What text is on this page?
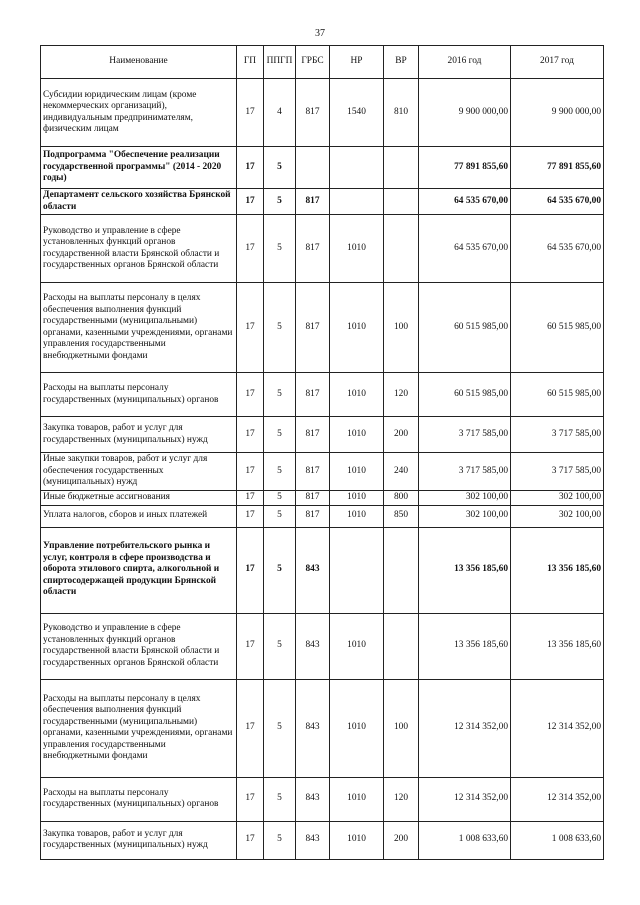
37
Наименование	ГП	ППГП	ГРБС	НР	ВР	2016 год	2017 год
Субсидии юридическим лицам (кроме некоммерческих организаций), индивидуальным предпринимателям, физическим лицам	17	4	817	1540	810	9 900 000,00	9 900 000,00
Подпрограмма "Обеспечение реализации государственной программы" (2014 - 2020 годы)	17	5				77 891 855,60	77 891 855,60
Департамент сельского хозяйства Брянской области	17	5	817			64 535 670,00	64 535 670,00
Руководство и управление в сфере установленных функций органов государственной власти Брянской области и государственных органов Брянской области	17	5	817	1010		64 535 670,00	64 535 670,00
Расходы на выплаты персоналу в целях обеспечения выполнения функций государственными (муниципальными) органами, казенными учреждениями, органами управления государственными внебюджетными фондами	17	5	817	1010	100	60 515 985,00	60 515 985,00
Расходы на выплаты персоналу государственных (муниципальных) органов	17	5	817	1010	120	60 515 985,00	60 515 985,00
Закупка товаров, работ и услуг для государственных (муниципальных) нужд	17	5	817	1010	200	3 717 585,00	3 717 585,00
Иные закупки товаров, работ и услуг для обеспечения государственных (муниципальных) нужд	17	5	817	1010	240	3 717 585,00	3 717 585,00
Иные бюджетные ассигнования	17	5	817	1010	800	302 100,00	302 100,00
Уплата налогов, сборов и иных платежей	17	5	817	1010	850	302 100,00	302 100,00
Управление потребительского рынка и услуг, контроля в сфере производства и оборота этилового спирта, алкогольной и спиртосодержащей продукции Брянской области	17	5	843			13 356 185,60	13 356 185,60
Руководство и управление в сфере установленных функций органов государственной власти Брянской области и государственных органов Брянской области	17	5	843	1010		13 356 185,60	13 356 185,60
Расходы на выплаты персоналу в целях обеспечения выполнения функций государственными (муниципальными) органами, казенными учреждениями, органами управления государственными внебюджетными фондами	17	5	843	1010	100	12 314 352,00	12 314 352,00
Расходы на выплаты персоналу государственных (муниципальных) органов	17	5	843	1010	120	12 314 352,00	12 314 352,00
Закупка товаров, работ и услуг для государственных (муниципальных) нужд	17	5	843	1010	200	1 008 633,60	1 008 633,60
